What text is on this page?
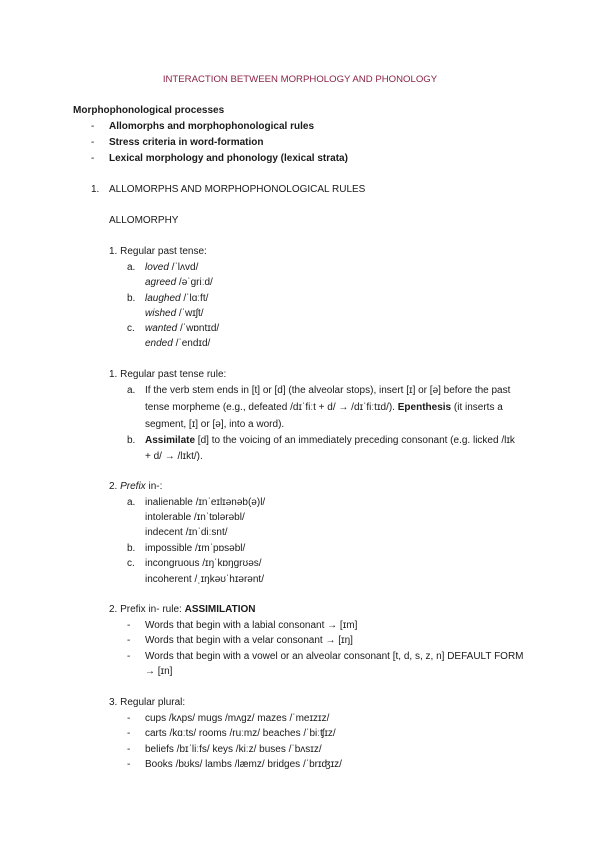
INTERACTION BETWEEN MORPHOLOGY AND PHONOLOGY
Morphophonological processes
- Allomorphs and morphophonological rules
- Stress criteria in word-formation
- Lexical morphology and phonology (lexical strata)
1. ALLOMORPHS AND MORPHOPHONOLOGICAL RULES
ALLOMORPHY
1. Regular past tense:
a. loved /ˈlʌvd/
agreed /əˈgriːd/
b. laughed /ˈlɑːft/
wished /ˈwɪʃt/
c. wanted /ˈwɒntɪd/
ended /ˈendɪd/
1. Regular past tense rule:
a. If the verb stem ends in [t] or [d] (the alveolar stops), insert [ɪ] or [ə] before the past
tense morpheme (e.g., defeated /dɪˈfiːt + d/ → /dɪˈfiːtɪd/). Epenthesis (it inserts a
segment, [ɪ] or [ə], into a word).
b. Assimilate [d] to the voicing of an immediately preceding consonant (e.g. licked /lɪk
+ d/ → /lɪkt/).
2. Prefix in-:
a. inalienable /ɪnˈeɪlɪənəb(ə)l/
intolerable /ɪnˈtɒlərəbl/
indecent /ɪnˈdiːsnt/
b. impossible /ɪmˈpɒsəbl/
c. incongruous /ɪŋˈkɒŋgrʊəs/
incoherent /ˌɪŋkəʊˈhɪərənt/
2. Prefix in- rule: ASSIMILATION
- Words that begin with a labial consonant → [ɪm]
- Words that begin with a velar consonant → [ɪŋ]
- Words that begin with a vowel or an alveolar consonant [t, d, s, z, n] DEFAULT FORM
→ [ɪn]
3. Regular plural:
- cups /kʌps/ mugs /mʌgz/ mazes /ˈmeɪzɪz/
- carts /kɑːts/ rooms /ruːmz/ beaches /ˈbiːʧɪz/
- beliefs /bɪˈliːfs/ keys /kiːz/ buses /ˈbʌsɪz/
- Books /bʊks/ lambs /læmz/ bridges /ˈbrɪʤɪz/
